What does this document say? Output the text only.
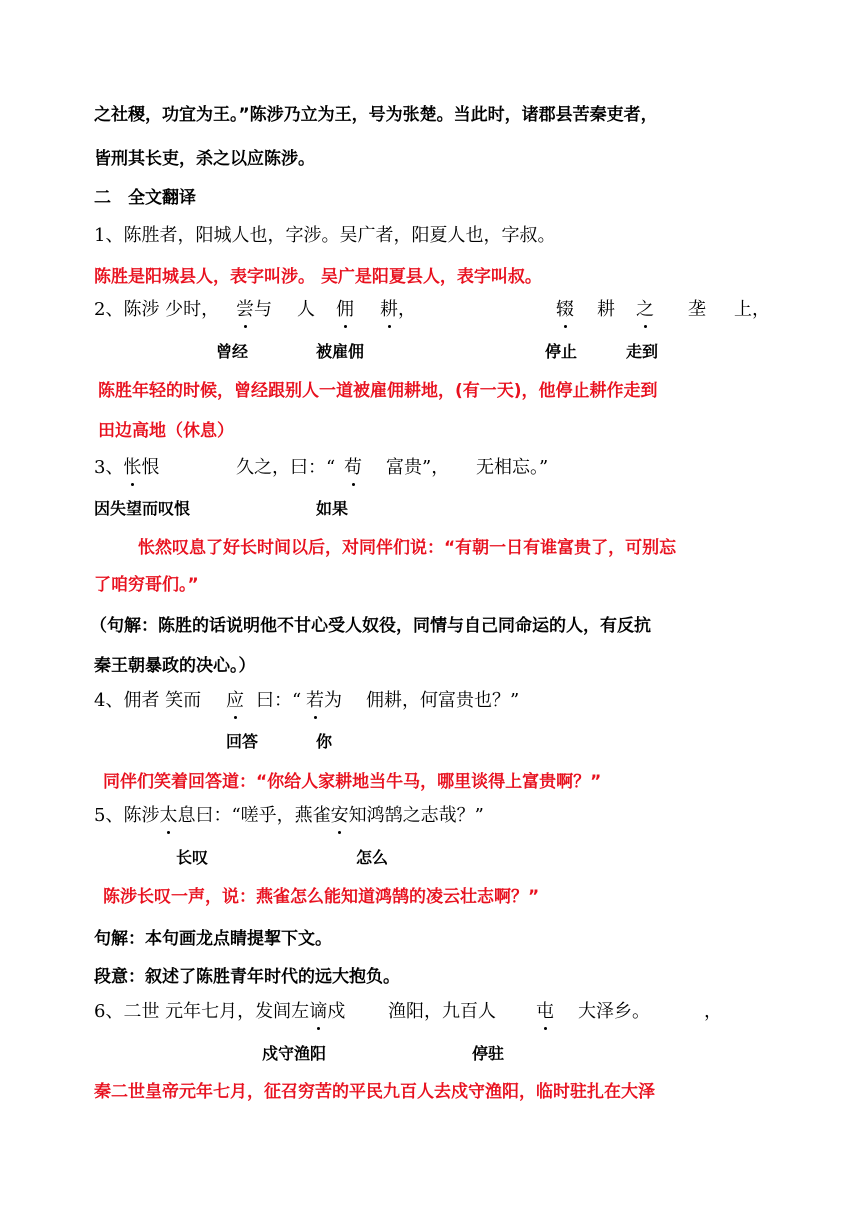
之社稷，功宜为王。”陈涉乃立为王，号为张楚。当此时，诸郡县苦秦吏者，
皆刑其长吏，杀之以应陈涉。
二　全文翻译
1、陈胜者，阳城人也，字涉。吴广者，阳夏人也，字叔。
陈胜是阳城县人，表字叫涉。 吴广是阳夏县人，表字叫叔。
2、陈涉 少时， 尝与 人 佣 耕，	辍 耕 之 垄 上，
曾经	被雇佣	停止	走到
陈胜年轻的时候，曾经跟别人一道被雇佣耕地，(有一天)，他停止耕作走到
田边高地（休息）
3、怅恨	久之，曰：“ 苟 富贵”， 无相忘。”
因失望而叹恨	如果
怅然叹息了好长时间以后，对同伴们说：“有朝一日有谁富贵了，可别忘
了咱穷哥们。”
（句解：陈胜的话说明他不甘心受人奴役，同情与自己同命运的人，有反抗
秦王朝暴政的决心。）
4、佣者 笑而 应 曰：“ 若为 佣耕，何富贵也？”
回答	你
同伴们笑着回答道：“你给人家耕地当牛马，哪里谈得上富贵啊？”
5、陈涉太息曰：“嗟乎，燕雀安知鸿鹄之志哉？”
长叹	怎么
陈涉长叹一声，说：燕雀怎么能知道鸿鹄的凌云壮志啊？”
句解：本句画龙点睛提挈下文。
段意：叙述了陈胜青年时代的远大抱负。
6、二世 元年七月，发闾左谪戍 渔阳，九百人 屯 大泽乡。	，
戍守渔阳	停驻
秦二世皇帝元年七月，征召穷苦的平民九百人去戍守渔阳，临时驻扎在大泽
